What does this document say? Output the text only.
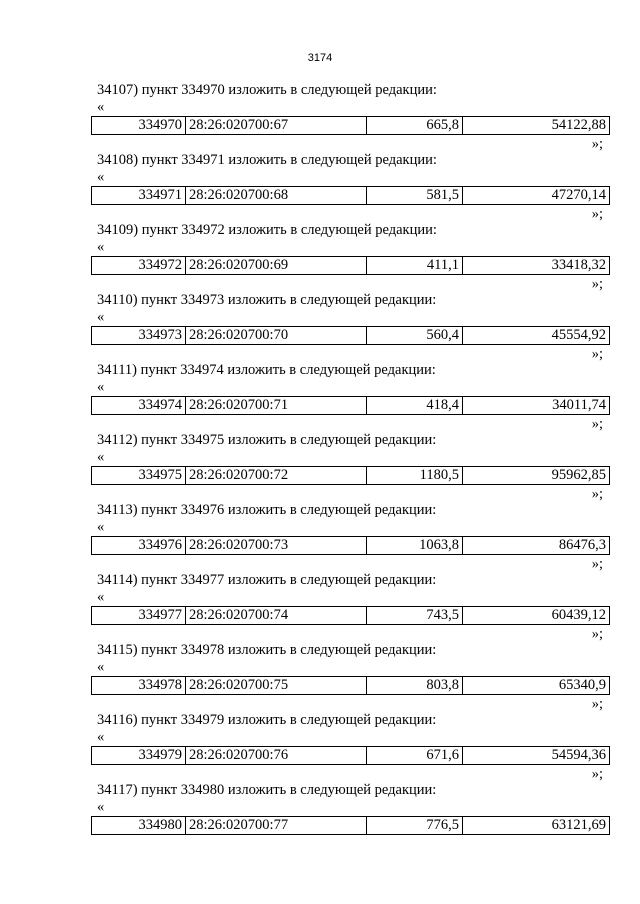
3174
34107) пункт 334970 изложить в следующей редакции:
«
334970	28:26:020700:67	665,8	54122,88
»;
34108) пункт 334971 изложить в следующей редакции:
«
334971	28:26:020700:68	581,5	47270,14
»;
34109) пункт 334972 изложить в следующей редакции:
«
334972	28:26:020700:69	411,1	33418,32
»;
34110) пункт 334973 изложить в следующей редакции:
«
334973	28:26:020700:70	560,4	45554,92
»;
34111) пункт 334974 изложить в следующей редакции:
«
334974	28:26:020700:71	418,4	34011,74
»;
34112) пункт 334975 изложить в следующей редакции:
«
334975	28:26:020700:72	1180,5	95962,85
»;
34113) пункт 334976 изложить в следующей редакции:
«
334976	28:26:020700:73	1063,8	86476,3
»;
34114) пункт 334977 изложить в следующей редакции:
«
334977	28:26:020700:74	743,5	60439,12
»;
34115) пункт 334978 изложить в следующей редакции:
«
334978	28:26:020700:75	803,8	65340,9
»;
34116) пункт 334979 изложить в следующей редакции:
«
334979	28:26:020700:76	671,6	54594,36
»;
34117) пункт 334980 изложить в следующей редакции:
«
334980	28:26:020700:77	776,5	63121,69
